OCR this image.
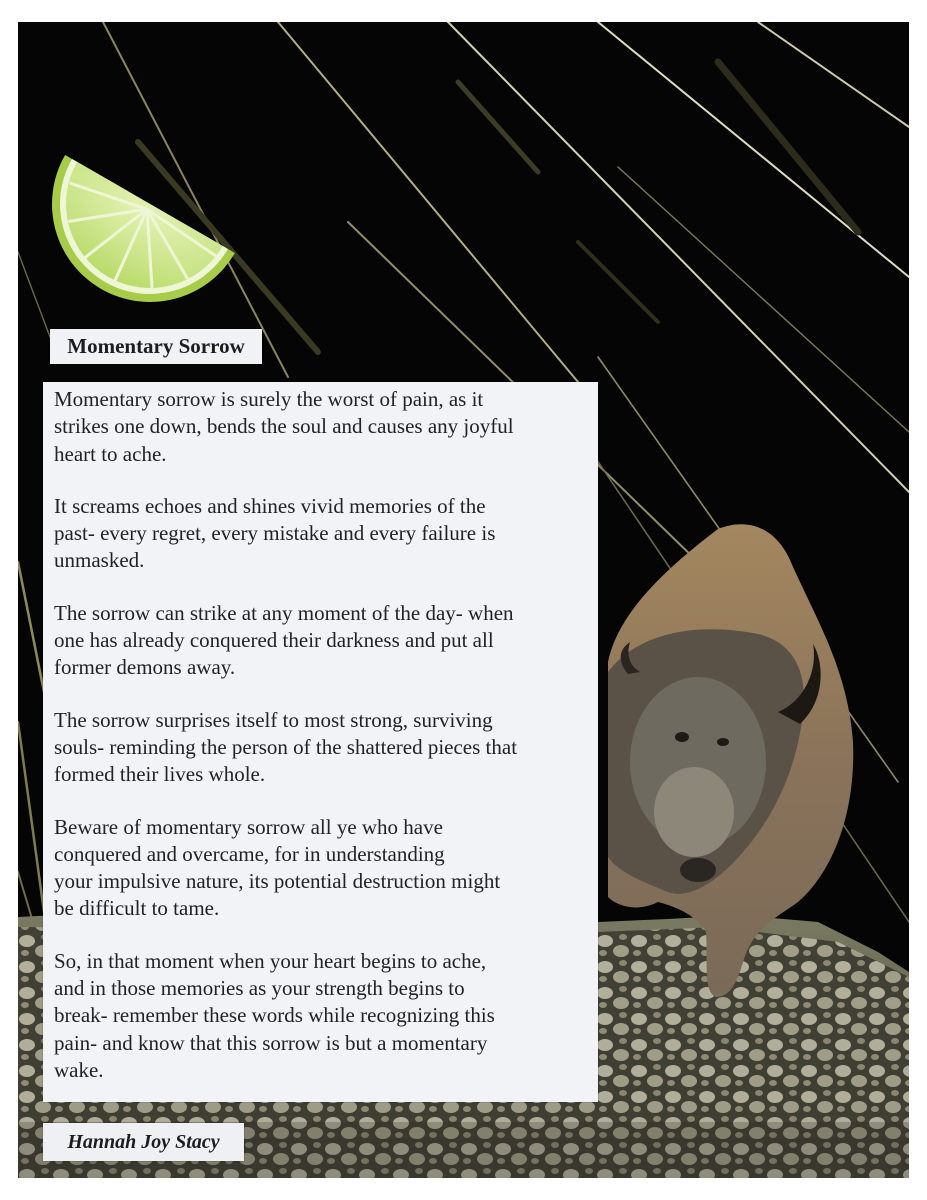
Momentary Sorrow

Momentary sorrow is surely the worst of pain, as it
strikes one down, bends the soul and causes any joyful
heart to ache.

It screams echoes and shines vivid memories of the
past- every regret, every mistake and every failure is
unmasked.

The sorrow can strike at any moment of the day- when
one has already conquered their darkness and put all
former demons away.

The sorrow surprises itself to most strong, surviving
souls- reminding the person of the shattered pieces that
formed their lives whole.

Beware of momentary sorrow all ye who have
conquered and overcame, for in understanding
your impulsive nature, its potential destruction might
be difficult to tame.

So, in that moment when your heart begins to ache,
and in those memories as your strength begins to
break- remember these words while recognizing this
pain- and know that this sorrow is but a momentary
wake.

Hannah Joy Stacy
